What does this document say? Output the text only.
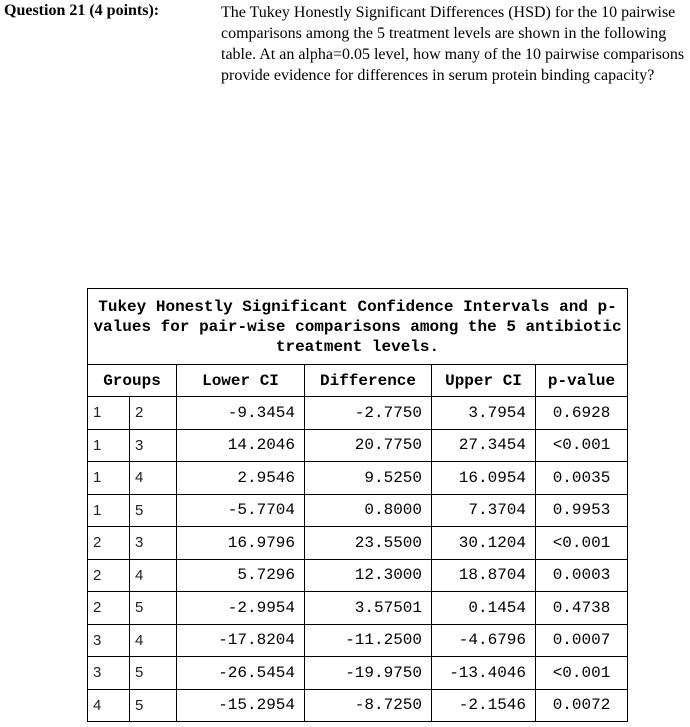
Question 21 (4 points):	The Tukey Honestly Significant Differences (HSD) for the 10 pairwise comparisons among the 5 treatment levels are shown in the following table. At an alpha=0.05 level, how many of the 10 pairwise comparisons provide evidence for differences in serum protein binding capacity?
Tukey Honestly Significant Confidence Intervals and p-values for pair-wise comparisons among the 5 antibiotic treatment levels.					
Groups		Lower CI	Difference	Upper CI	p-value
1	2	-9.3454	-2.7750	3.7954	0.6928
1	3	14.2046	20.7750	27.3454	<0.001
1	4	2.9546	9.5250	16.0954	0.0035
1	5	-5.7704	0.8000	7.3704	0.9953
2	3	16.9796	23.5500	30.1204	<0.001
2	4	5.7296	12.3000	18.8704	0.0003
2	5	-2.9954	3.57501	0.1454	0.4738
3	4	-17.8204	-11.2500	-4.6796	0.0007
3	5	-26.5454	-19.9750	-13.4046	<0.001
4	5	-15.2954	-8.7250	-2.1546	0.0072
